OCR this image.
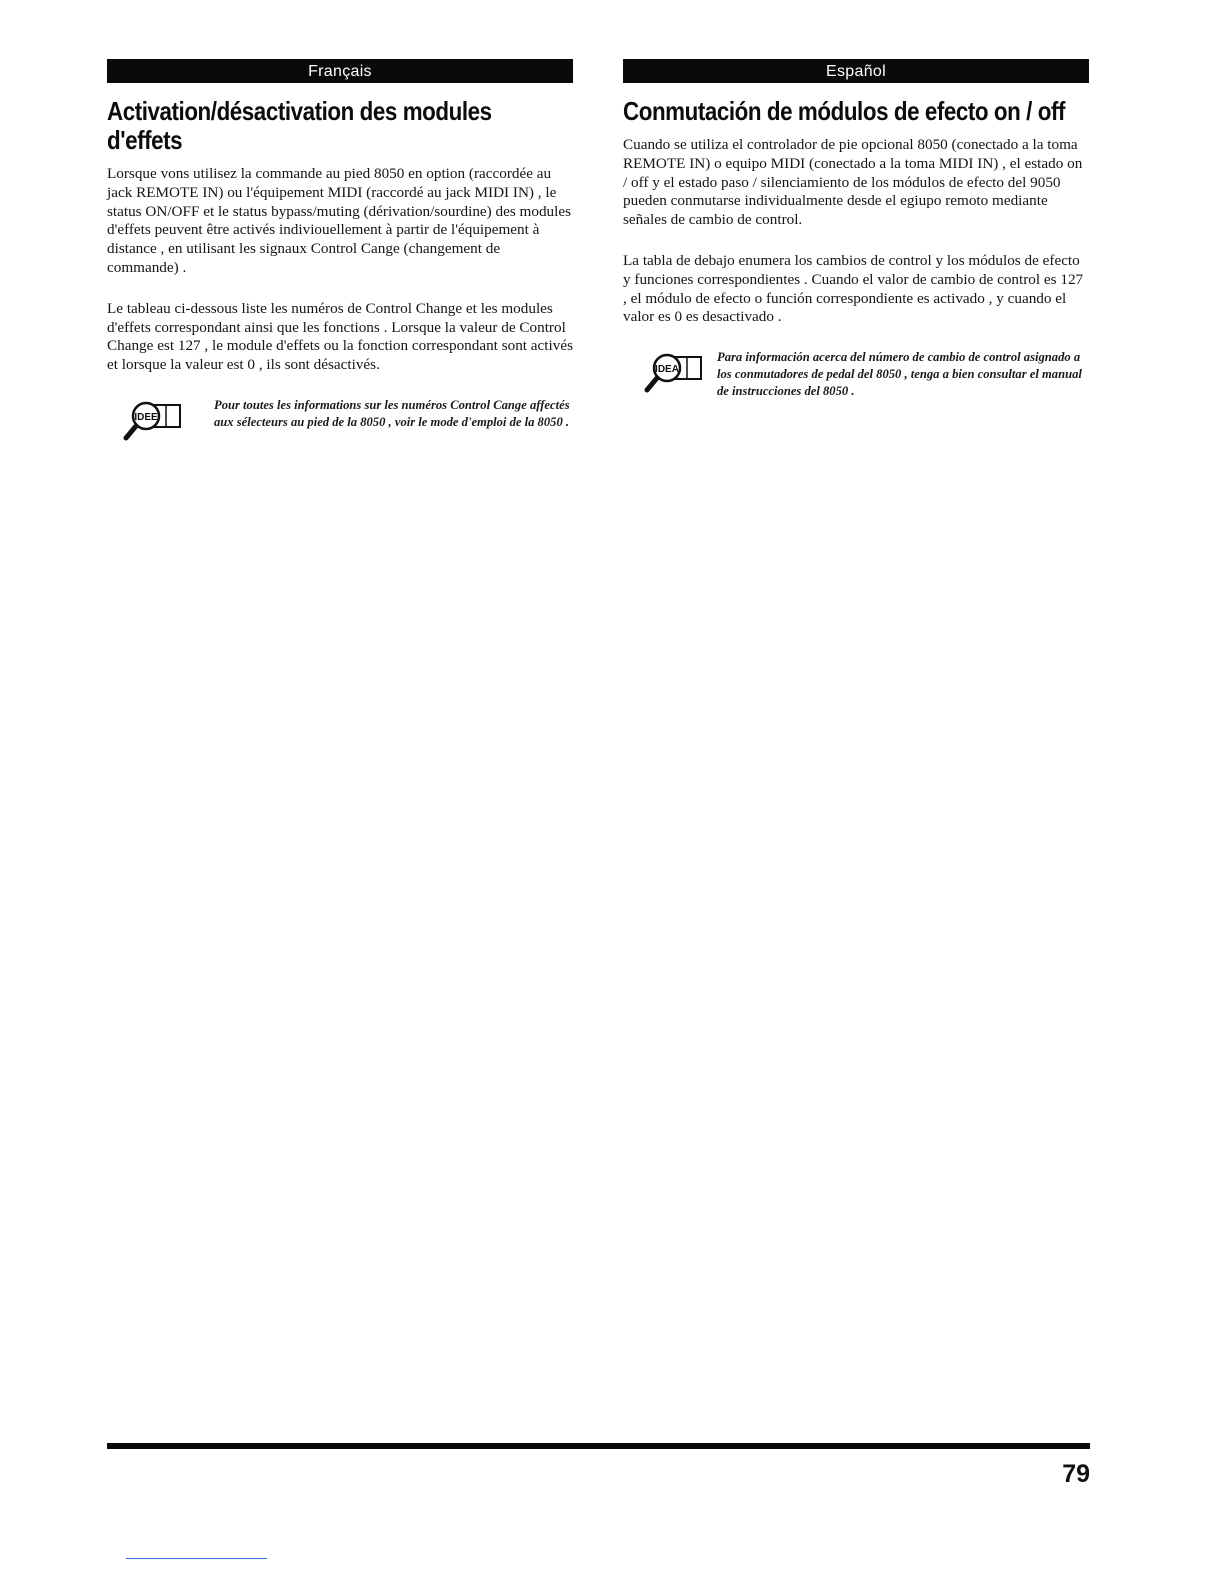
Français
Activation/désactivation des modules d'effets

Lorsque vons utilisez la commande au pied 8050 en option (raccordée au jack REMOTE IN) ou l'équipement MIDI (raccordé au jack MIDI IN) , le status ON/OFF et le status bypass/muting (dérivation/sourdine) des modules d'effets peuvent être activés indiviouellement à partir de l'équipement à distance , en utilisant les signaux Control Cange (changement de commande) .

Le tableau ci-dessous liste les numéros de Control Change et les modules d'effets correspondant ainsi que les fonctions . Lorsque la valeur de Control Change est 127 , le module d'effets ou la fonction correspondant sont activés et lorsque la valeur est 0 , ils sont désactivés.

IDEE
Pour toutes les informations sur les numéros Control Cange affectés aux sélecteurs au pied de la 8050 , voir le mode d'emploi de la 8050 .
Español
Conmutación de módulos de efecto on / off

Cuando se utiliza el controlador de pie opcional 8050 (conectado a la toma REMOTE IN) o equipo MIDI (conectado a la toma MIDI IN) , el estado on / off y el estado paso / silenciamiento de los módulos de efecto del 9050 pueden conmutarse individualmente desde el egiupo remoto mediante señales de cambio de control.

La tabla de debajo enumera los cambios de control y los módulos de efecto y funciones correspondientes . Cuando el valor de cambio de control es 127 , el módulo de efecto o función correspondiente es activado , y cuando el valor es 0 es desactivado .

IDEA
Para información acerca del número de cambio de control asignado a los conmutadores de pedal del 8050 , tenga a bien consultar el manual de instrucciones del 8050 .
79
